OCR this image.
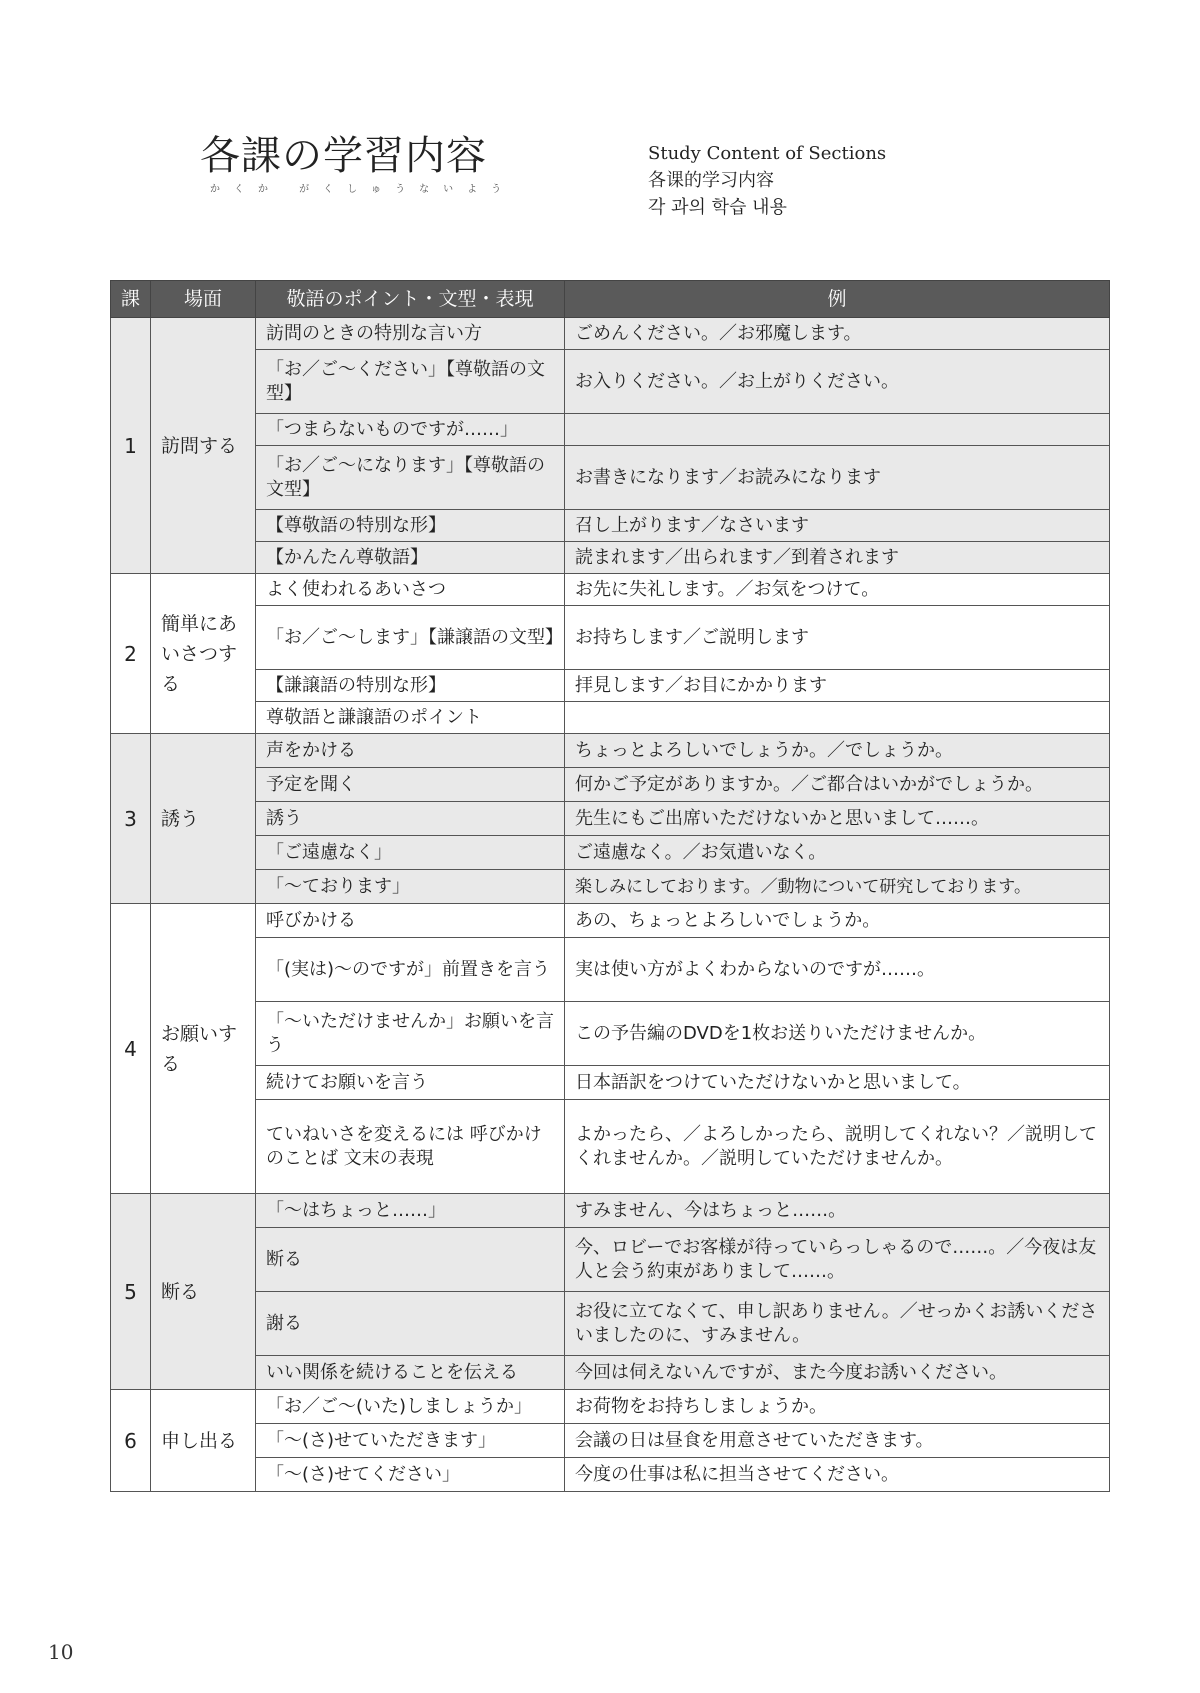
各課の学習内容
かくか がくしゅうないよう
Study Content of Sections
各课的学习内容
각 과의 학습 내용
課	場面	敬語のポイント・文型・表現	例
1	訪問する	訪問のときの特別な言い方	ごめんください。／お邪魔します。
		「お／ご～ください」【尊敬語の文型】	お入りください。／お上がりください。
		「つまらないものですが……」	
		「お／ご～になります」【尊敬語の文型】	お書きになります／お読みになります
		【尊敬語の特別な形】	召し上がります／なさいます
		【かんたん尊敬語】	読まれます／出られます／到着されます
2	簡単にあいさつする	よく使われるあいさつ	お先に失礼します。／お気をつけて。
		「お／ご～します」【謙譲語の文型】	お持ちします／ご説明します
		【謙譲語の特別な形】	拝見します／お目にかかります
		尊敬語と謙譲語のポイント	
3	誘う	声をかける	ちょっとよろしいでしょうか。／でしょうか。
		予定を聞く	何かご予定がありますか。／ご都合はいかがでしょうか。
		誘う	先生にもご出席いただけないかと思いまして……。
		「ご遠慮なく」	ご遠慮なく。／お気遣いなく。
		「～ております」	楽しみにしております。／動物について研究しております。
4	お願いする	呼びかける	あの、ちょっとよろしいでしょうか。
		「(実は)～のですが」前置きを言う	実は使い方がよくわからないのですが……。
		「～いただけませんか」お願いを言う	この予告編のDVDを1枚お送りいただけませんか。
		続けてお願いを言う	日本語訳をつけていただけないかと思いまして。
		ていねいさを変えるには 呼びかけのことば 文末の表現	よかったら、／よろしかったら、説明してくれない？／説明してくれませんか。／説明していただけませんか。
5	断る	「～はちょっと……」	すみません、今はちょっと……。
		断る	今、ロビーでお客様が待っていらっしゃるので……。／今夜は友人と会う約束がありまして……。
		謝る	お役に立てなくて、申し訳ありません。／せっかくお誘いくださいましたのに、すみません。
		いい関係を続けることを伝える	今回は伺えないんですが、また今度お誘いください。
6	申し出る	「お／ご～(いた)しましょうか」	お荷物をお持ちしましょうか。
		「～(さ)せていただきます」	会議の日は昼食を用意させていただきます。
		「～(さ)せてください」	今度の仕事は私に担当させてください。
10
